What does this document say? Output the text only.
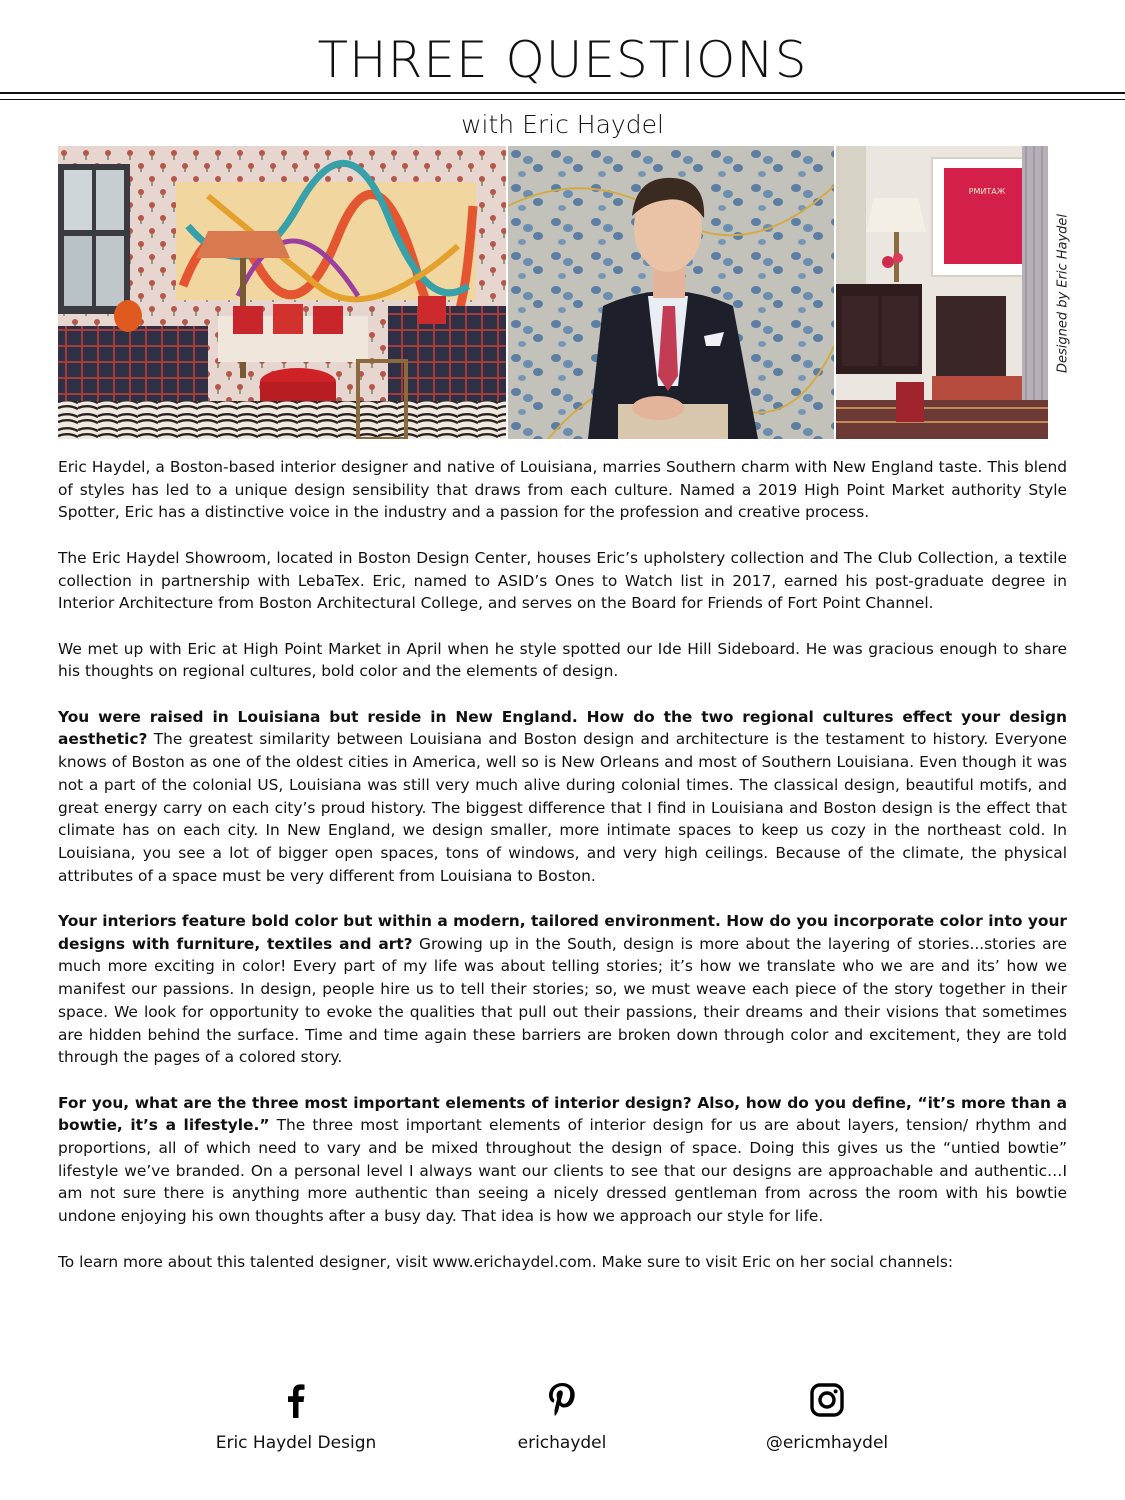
THREE QUESTIONS
with Eric Haydel
РМИТАЖ
Designed by Eric Haydel

Eric Haydel, a Boston-based interior designer and native of Louisiana, marries Southern charm with New England taste. This blend of styles has led to a unique design sensibility that draws from each culture. Named a 2019 High Point Market authority Style Spotter, Eric has a distinctive voice in the industry and a passion for the profession and creative process.

The Eric Haydel Showroom, located in Boston Design Center, houses Eric’s upholstery collection and The Club Collection, a textile collection in partnership with LebaTex. Eric, named to ASID’s Ones to Watch list in 2017, earned his post-graduate degree in Interior Architecture from Boston Architectural College, and serves on the Board for Friends of Fort Point Channel.

We met up with Eric at High Point Market in April when he style spotted our Ide Hill Sideboard. He was gracious enough to share his thoughts on regional cultures, bold color and the elements of design.

You were raised in Louisiana but reside in New England. How do the two regional cultures effect your design aesthetic? The greatest similarity between Louisiana and Boston design and architecture is the testament to history. Everyone knows of Boston as one of the oldest cities in America, well so is New Orleans and most of Southern Louisiana. Even though it was not a part of the colonial US, Louisiana was still very much alive during colonial times. The classical design, beautiful motifs, and great energy carry on each city’s proud history. The biggest difference that I find in Louisiana and Boston design is the effect that climate has on each city. In New England, we design smaller, more intimate spaces to keep us cozy in the northeast cold. In Louisiana, you see a lot of bigger open spaces, tons of windows, and very high ceilings. Because of the climate, the physical attributes of a space must be very different from Louisiana to Boston.

Your interiors feature bold color but within a modern, tailored environment. How do you incorporate color into your designs with furniture, textiles and art? Growing up in the South, design is more about the layering of stories...stories are much more exciting in color! Every part of my life was about telling stories; it’s how we translate who we are and its’ how we manifest our passions. In design, people hire us to tell their stories; so, we must weave each piece of the story together in their space. We look for opportunity to evoke the qualities that pull out their passions, their dreams and their visions that sometimes are hidden behind the surface. Time and time again these barriers are broken down through color and excitement, they are told through the pages of a colored story.

For you, what are the three most important elements of interior design? Also, how do you define, “it’s more than a bowtie, it’s a lifestyle.” The three most important elements of interior design for us are about layers, tension/ rhythm and proportions, all of which need to vary and be mixed throughout the design of space. Doing this gives us the “untied bowtie” lifestyle we’ve branded. On a personal level I always want our clients to see that our designs are approachable and authentic…I am not sure there is anything more authentic than seeing a nicely dressed gentleman from across the room with his bowtie undone enjoying his own thoughts after a busy day. That idea is how we approach our style for life.

To learn more about this talented designer, visit www.erichaydel.com. Make sure to visit Eric on her social channels:

Eric Haydel Design	erichaydel	@ericmhaydel
